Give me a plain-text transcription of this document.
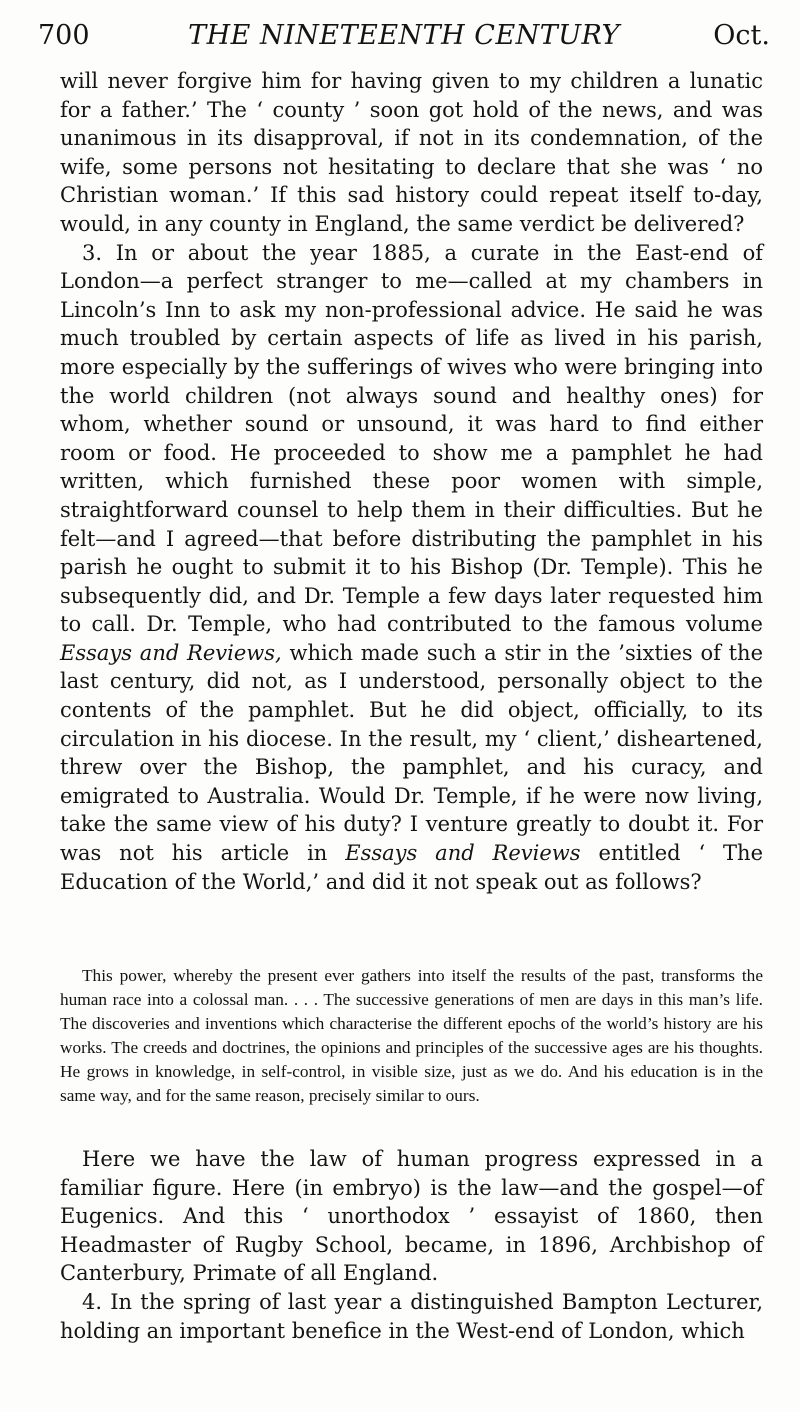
700	THE NINETEENTH CENTURY	Oct.

will never forgive him for having given to my children a lunatic for a father.’ The ‘ county ’ soon got hold of the news, and was unanimous in its disapproval, if not in its condemnation, of the wife, some persons not hesitating to declare that she was ‘ no Christian woman.’ If this sad history could repeat itself to-day, would, in any county in England, the same verdict be delivered?

3. In or about the year 1885, a curate in the East-end of London—a perfect stranger to me—called at my chambers in Lincoln’s Inn to ask my non-professional advice. He said he was much troubled by certain aspects of life as lived in his parish, more especially by the sufferings of wives who were bringing into the world children (not always sound and healthy ones) for whom, whether sound or unsound, it was hard to find either room or food. He proceeded to show me a pamphlet he had written, which furnished these poor women with simple, straightforward counsel to help them in their difficulties. But he felt—and I agreed—that before distributing the pamphlet in his parish he ought to submit it to his Bishop (Dr. Temple). This he subsequently did, and Dr. Temple a few days later requested him to call. Dr. Temple, who had contributed to the famous volume Essays and Reviews, which made such a stir in the ’sixties of the last century, did not, as I understood, personally object to the contents of the pamphlet. But he did object, officially, to its circulation in his diocese. In the result, my ‘ client,’ disheartened, threw over the Bishop, the pamphlet, and his curacy, and emigrated to Australia. Would Dr. Temple, if he were now living, take the same view of his duty? I venture greatly to doubt it. For was not his article in Essays and Reviews entitled ‘ The Education of the World,’ and did it not speak out as follows?

This power, whereby the present ever gathers into itself the results of the past, transforms the human race into a colossal man. . . . The successive generations of men are days in this man’s life. The discoveries and inventions which characterise the different epochs of the world’s history are his works. The creeds and doctrines, the opinions and principles of the successive ages are his thoughts. He grows in knowledge, in self-control, in visible size, just as we do. And his education is in the same way, and for the same reason, precisely similar to ours.

Here we have the law of human progress expressed in a familiar figure. Here (in embryo) is the law—and the gospel—of Eugenics. And this ‘ unorthodox ’ essayist of 1860, then Headmaster of Rugby School, became, in 1896, Archbishop of Canterbury, Primate of all England.

4. In the spring of last year a distinguished Bampton Lecturer, holding an important benefice in the West-end of London, which
